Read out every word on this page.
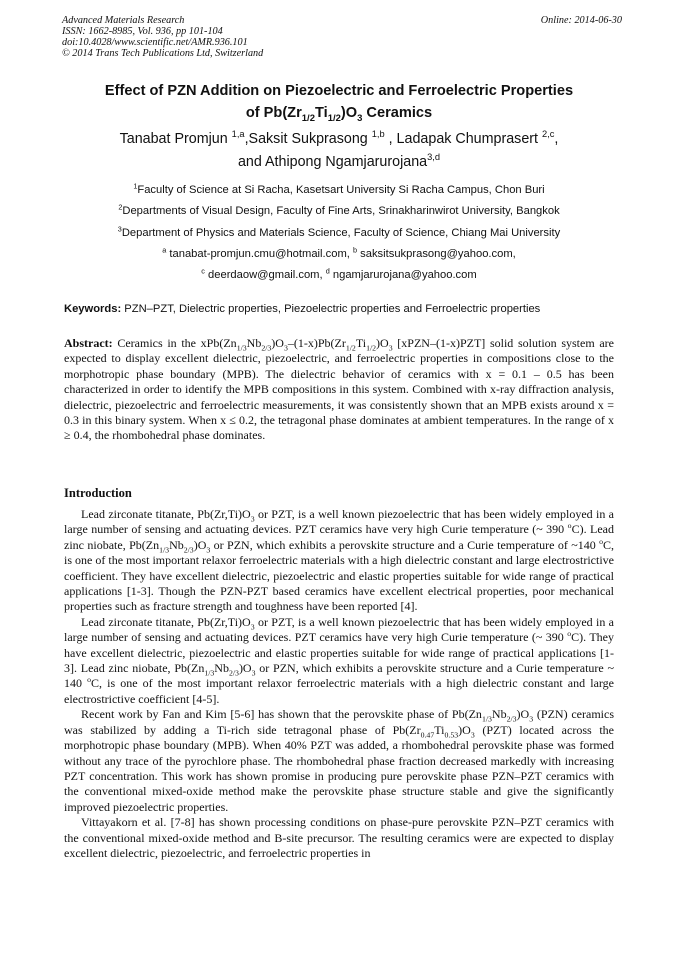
Advanced Materials Research
ISSN: 1662-8985, Vol. 936, pp 101-104
doi:10.4028/www.scientific.net/AMR.936.101
© 2014 Trans Tech Publications Ltd, Switzerland
Online: 2014-06-30
Effect of PZN Addition on Piezoelectric and Ferroelectric Properties
of $Pb(Zr_{1/2}Ti_{1/2})O_3$ Ceramics
Tanabat Promjun $^{1,a}$,Saksit Sukprasong $^{1,b}$ , Ladapak Chumprasert $^{2,c}$,
and Athipong Ngamjarurojana$^{3,d}$
$^1$Faculty of Science at Si Racha, Kasetsart University Si Racha Campus, Chon Buri
$^2$Departments of Visual Design, Faculty of Fine Arts, Srinakharinwirot University, Bangkok
$^3$Department of Physics and Materials Science, Faculty of Science, Chiang Mai University
$^a$ tanabat-promjun.cmu@hotmail.com, $^b$ saksitsukprasong@yahoo.com,
$^c$ deerdaow@gmail.com, $^d$ ngamjarurojana@yahoo.com
Keywords: PZN–PZT, Dielectric properties, Piezoelectric properties and Ferroelectric properties
Abstract: Ceramics in the $xPb(Zn_{1/3}Nb_{2/3})O_3-(1-x)Pb(Zr_{1/2}Ti_{1/2})O_3$ [xPZN–(1-x)PZT] solid solution system are expected to display excellent dielectric, piezoelectric, and ferroelectric properties in compositions close to the morphotropic phase boundary (MPB). The dielectric behavior of ceramics with x = 0.1 – 0.5 has been characterized in order to identify the MPB compositions in this system. Combined with x-ray diffraction analysis, dielectric, piezoelectric and ferroelectric measurements, it was consistently shown that an MPB exists around x = 0.3 in this binary system. When x ≤ 0.2, the tetragonal phase dominates at ambient temperatures. In the range of x ≥ 0.4, the rhombohedral phase dominates.
Introduction

Lead zirconate titanate, $Pb(Zr,Ti)O_3$ or PZT, is a well known piezoelectric that has been widely employed in a large number of sensing and actuating devices. PZT ceramics have very high Curie temperature (~ 390 $^o$C). Lead zinc niobate, $Pb(Zn_{1/3}Nb_{2/3})O_3$ or PZN, which exhibits a perovskite structure and a Curie temperature of ~140 $^o$C, is one of the most important relaxor ferroelectric materials with a high dielectric constant and large electrostrictive coefficient. They have excellent dielectric, piezoelectric and elastic properties suitable for wide range of practical applications [1-3]. Though the PZN-PZT based ceramics have excellent electrical properties, poor mechanical properties such as fracture strength and toughness have been reported [4].

Lead zirconate titanate, $Pb(Zr,Ti)O_3$ or PZT, is a well known piezoelectric that has been widely employed in a large number of sensing and actuating devices. PZT ceramics have very high Curie temperature (~ 390 $^o$C). They have excellent dielectric, piezoelectric and elastic properties suitable for wide range of practical applications [1-3]. Lead zinc niobate, $Pb(Zn_{1/3}Nb_{2/3})O_3$ or PZN, which exhibits a perovskite structure and a Curie temperature ~ 140 $^o$C, is one of the most important relaxor ferroelectric materials with a high dielectric constant and large electrostrictive coefficient [4-5].

Recent work by Fan and Kim [5-6] has shown that the perovskite phase of $Pb(Zn_{1/3}Nb_{2/3})O_3$ (PZN) ceramics was stabilized by adding a Ti-rich side tetragonal phase of $Pb(Zr_{0.47}Ti_{0.53})O_3$ (PZT) located across the morphotropic phase boundary (MPB). When 40% PZT was added, a rhombohedral perovskite phase was formed without any trace of the pyrochlore phase. The rhombohedral phase fraction decreased markedly with increasing PZT concentration. This work has shown promise in producing pure perovskite phase PZN–PZT ceramics with the conventional mixed-oxide method make the perovskite phase structure stable and give the significantly improved piezoelectric properties.

Vittayakorn et al. [7-8] has shown processing conditions on phase-pure perovskite PZN–PZT ceramics with the conventional mixed-oxide method and B-site precursor. The resulting ceramics were are expected to display excellent dielectric, piezoelectric, and ferroelectric properties in
